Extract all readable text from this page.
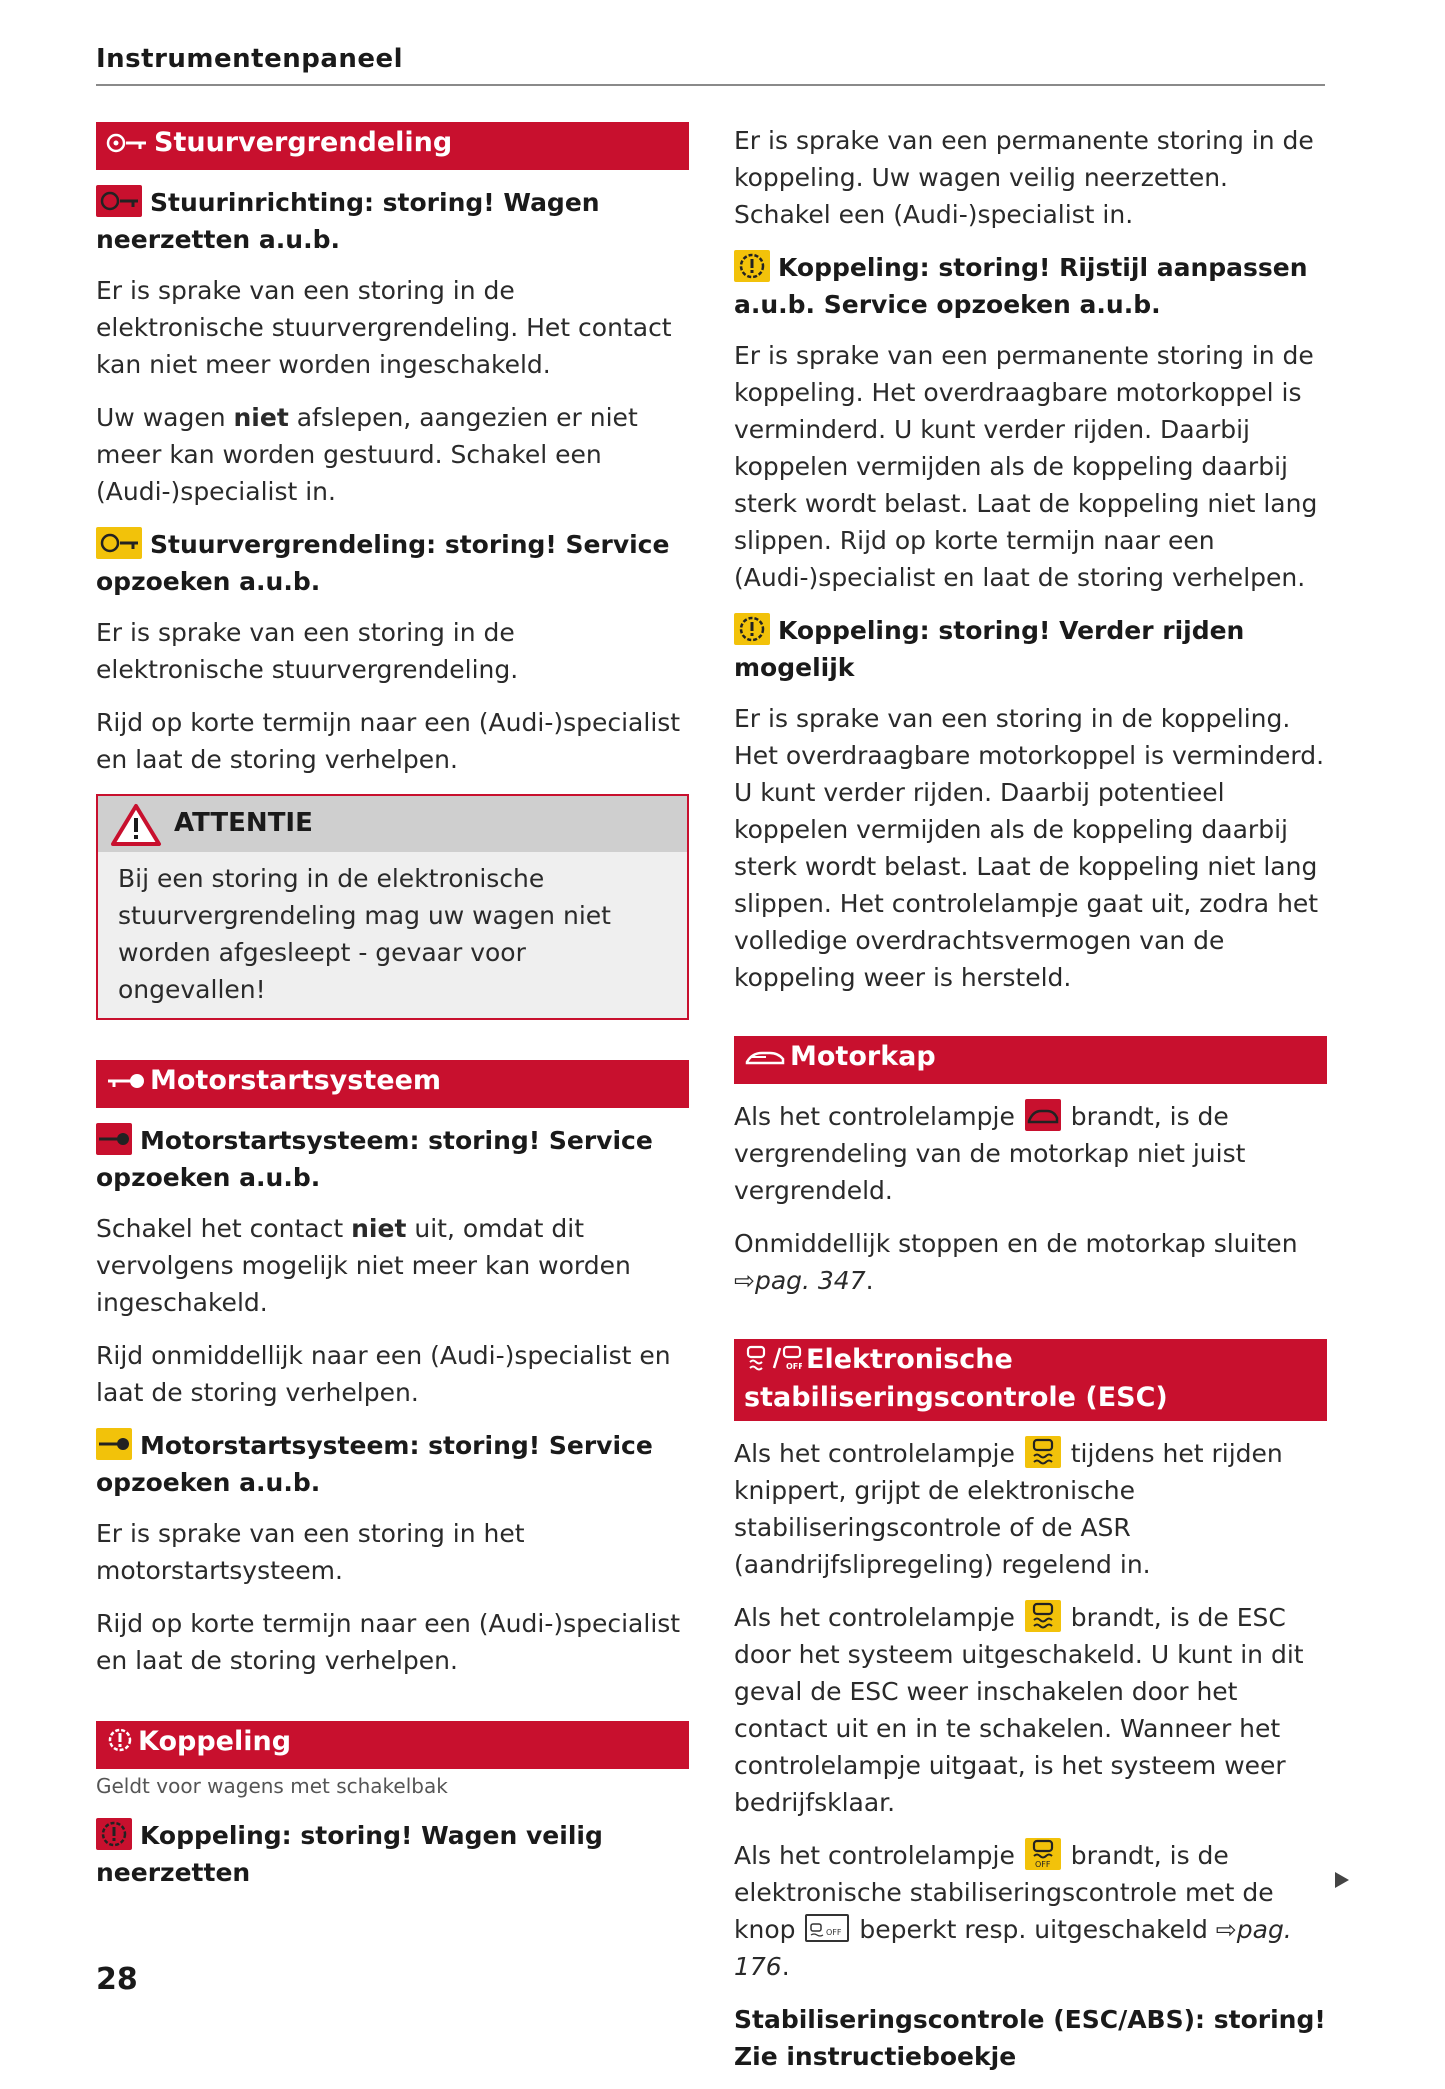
Instrumentenpaneel
Stuurvergrendeling
Stuurinrichting: storing! Wagen neerzetten a.u.b.

Er is sprake van een storing in de elektronische stuurvergrendeling. Het contact kan niet meer worden ingeschakeld.

Uw wagen niet afslepen, aangezien er niet meer kan worden gestuurd. Schakel een (Audi-)specialist in.

Stuurvergrendeling: storing! Service opzoeken a.u.b.

Er is sprake van een storing in de elektronische stuurvergrendeling.

Rijd op korte termijn naar een (Audi-)specialist en laat de storing verhelpen.

ATTENTIE
Bij een storing in de elektronische stuurvergrendeling mag uw wagen niet worden afgesleept - gevaar voor ongevallen!
Motorstartsysteem
Motorstartsysteem: storing! Service opzoeken a.u.b.

Schakel het contact niet uit, omdat dit vervolgens mogelijk niet meer kan worden ingeschakeld.

Rijd onmiddellijk naar een (Audi-)specialist en laat de storing verhelpen.

Motorstartsysteem: storing! Service opzoeken a.u.b.

Er is sprake van een storing in het motorstartsysteem.

Rijd op korte termijn naar een (Audi-)specialist en laat de storing verhelpen.

Koppeling
Geldt voor wagens met schakelbak
Koppeling: storing! Wagen veilig neerzetten

Er is sprake van een permanente storing in de koppeling. Uw wagen veilig neerzetten. Schakel een (Audi-)specialist in.

Koppeling: storing! Rijstijl aanpassen a.u.b. Service opzoeken a.u.b.

Er is sprake van een permanente storing in de koppeling. Het overdraagbare motorkoppel is verminderd. U kunt verder rijden. Daarbij koppelen vermijden als de koppeling daarbij sterk wordt belast. Laat de koppeling niet lang slippen. Rijd op korte termijn naar een (Audi-)specialist en laat de storing verhelpen.

Koppeling: storing! Verder rijden mogelijk

Er is sprake van een storing in de koppeling. Het overdraagbare motorkoppel is verminderd. U kunt verder rijden. Daarbij potentieel koppelen vermijden als de koppeling daarbij sterk wordt belast. Laat de koppeling niet lang slippen. Het controlelampje gaat uit, zodra het volledige overdrachtsvermogen van de koppeling weer is hersteld.

Motorkap

Als het controlelampje  brandt, is de vergrendeling van de motorkap niet juist vergrendeld.

Onmiddellijk stoppen en de motorkap sluiten ⇨pag. 347.

OFF Elektronische stabiliseringscontrole (ESC)

Als het controlelampje  tijdens het rijden knippert, grijpt de elektronische stabiliseringscontrole of de ASR (aandrijfslipregeling) regelend in.

Als het controlelampje  brandt, is de ESC door het systeem uitgeschakeld. U kunt in dit geval de ESC weer inschakelen door het contact uit en in te schakelen. Wanneer het controlelampje uitgaat, is het systeem weer bedrijfsklaar.

Als het controlelampje OFF brandt, is de elektronische stabiliseringscontrole met de knop	OFF beperkt resp. uitgeschakeld ⇨pag. 176.

Stabiliseringscontrole (ESC/ABS): storing! Zie instructieboekje
28
